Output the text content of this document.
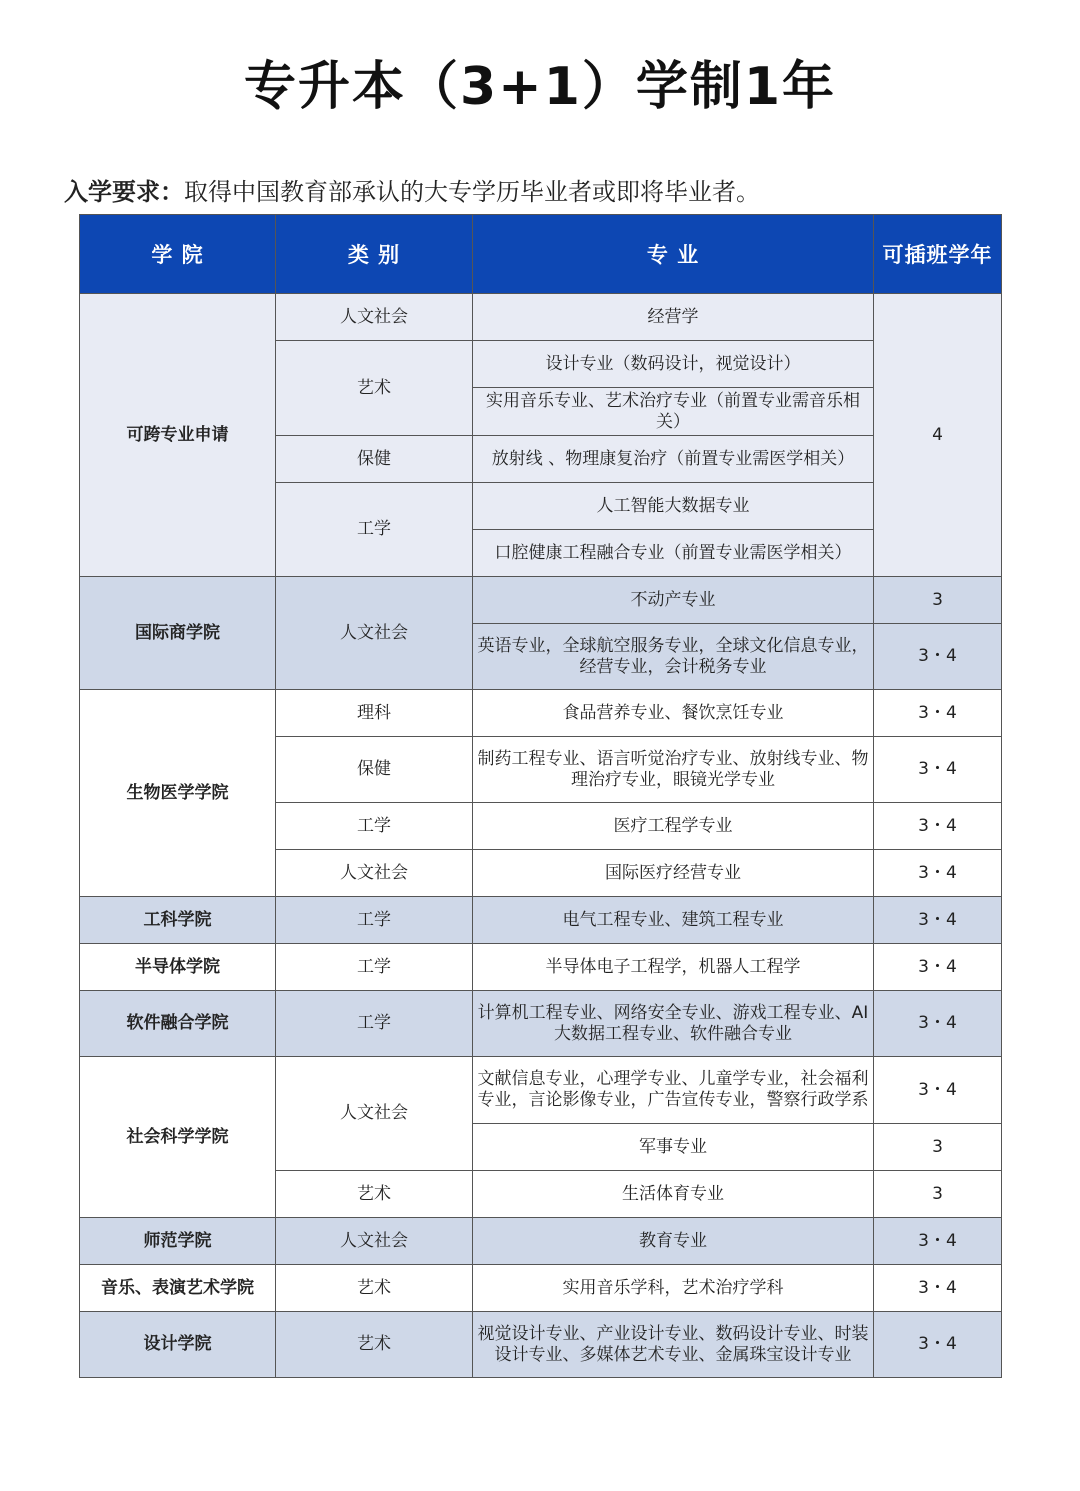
专升本（3+1）学制1年
入学要求：取得中国教育部承认的大专学历毕业者或即将毕业者。
学 院	类 别	专 业	可插班学年
可跨专业申请	人文社会	经营学	4
	艺术	设计专业（数码设计，视觉设计）	
		实用音乐专业、艺术治疗专业（前置专业需音乐相关）	
	保健	放射线 、物理康复治疗（前置专业需医学相关）	
	工学	人工智能大数据专业	
		口腔健康工程融合专业（前置专业需医学相关）	

国际商学院	人文社会	不动产专业	3
		英语专业，全球航空服务专业，全球文化信息专业，经营专业，会计税务专业	3・4
生物医学学院	理科	食品营养专业、餐饮烹饪专业	3・4
	保健	制药工程专业、语言听觉治疗专业、放射线专业、物理治疗专业，眼镜光学专业	3・4
	工学	医疗工程学专业	3・4
	人文社会	国际医疗经营专业	3・4
工科学院	工学	电气工程专业、建筑工程专业	3・4
半导体学院	工学	半导体电子工程学，机器人工程学	3・4
软件融合学院	工学	计算机工程专业、网络安全专业、游戏工程专业、AI大数据工程专业、软件融合专业	3・4
社会科学学院	人文社会	文献信息专业，心理学专业、儿童学专业，社会福利专业，言论影像专业，广告宣传专业，警察行政学系	3・4
		军事专业	3
	艺术	生活体育专业	3
师范学院	人文社会	教育专业	3・4
音乐、表演艺术学院	艺术	实用音乐学科，艺术治疗学科	3・4
设计学院	艺术	视觉设计专业、产业设计专业、数码设计专业、时装设计专业、多媒体艺术专业、金属珠宝设计专业	3・4
